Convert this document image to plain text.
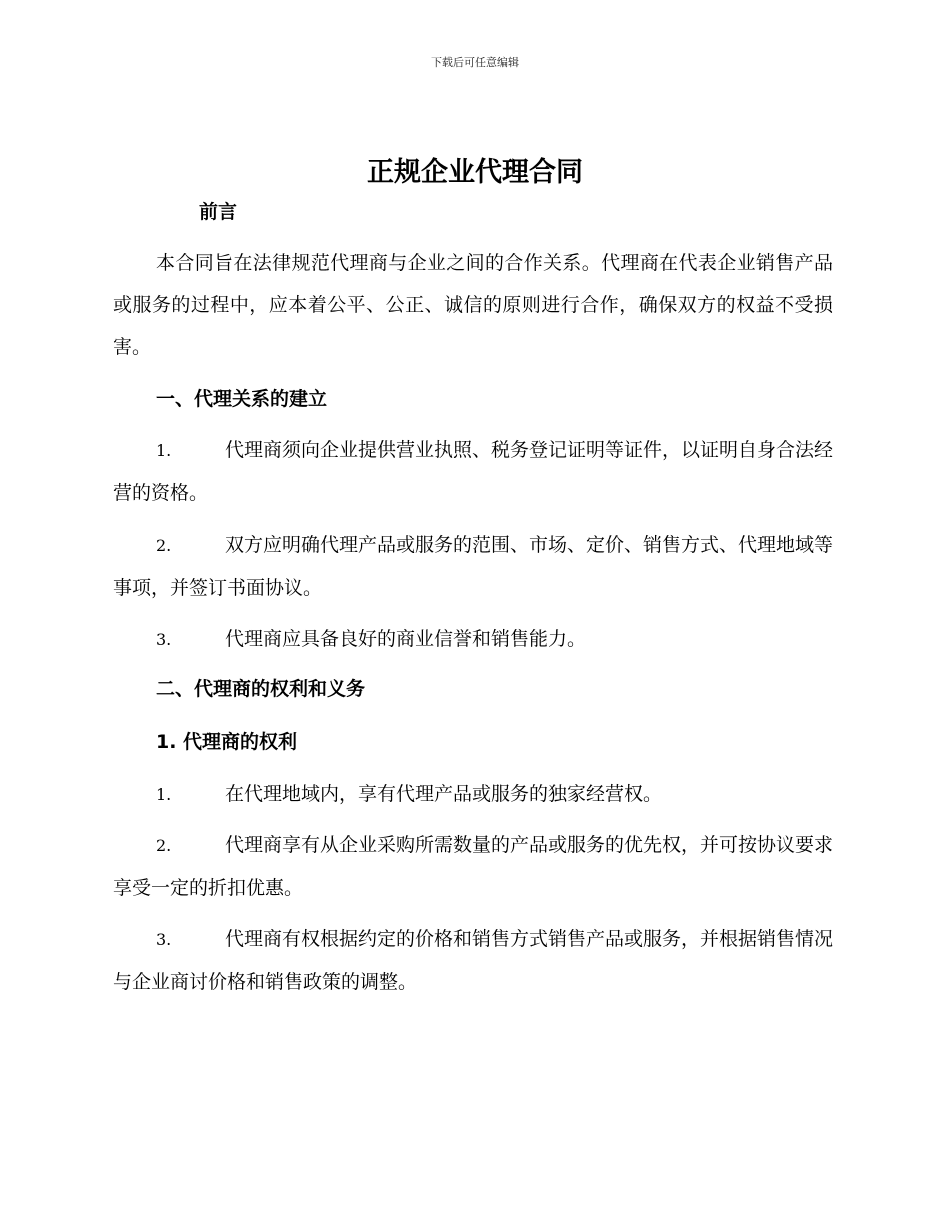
下载后可任意编辑
正规企业代理合同
前言
本合同旨在法律规范代理商与企业之间的合作关系。代理商在代表企业销售产品或服务的过程中，应本着公平、公正、诚信的原则进行合作，确保双方的权益不受损害。
一、代理关系的建立
1.	代理商须向企业提供营业执照、税务登记证明等证件，以证明自身合法经营的资格。
2.	双方应明确代理产品或服务的范围、市场、定价、销售方式、代理地域等事项，并签订书面协议。
3.	代理商应具备良好的商业信誉和销售能力。
二、代理商的权利和义务
1. 代理商的权利
1.	在代理地域内，享有代理产品或服务的独家经营权。
2.	代理商享有从企业采购所需数量的产品或服务的优先权，并可按协议要求享受一定的折扣优惠。
3.	代理商有权根据约定的价格和销售方式销售产品或服务，并根据销售情况与企业商讨价格和销售政策的调整。
